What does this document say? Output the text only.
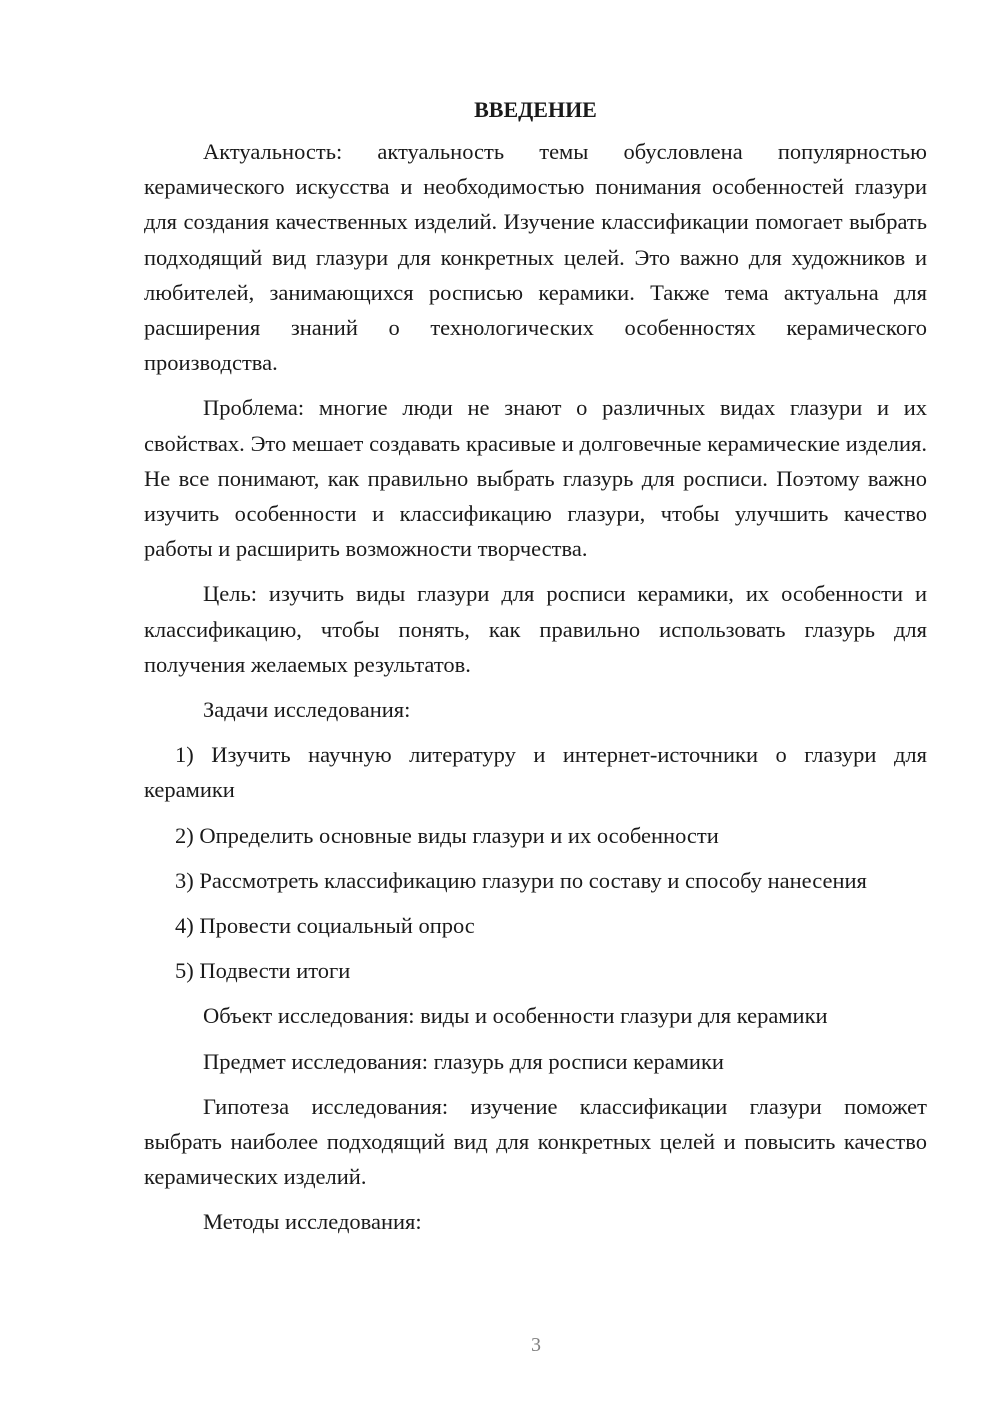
ВВЕДЕНИЕ

Актуальность: актуальность темы обусловлена популярностью керамического искусства и необходимостью понимания особенностей глазури для создания качественных изделий. Изучение классификации помогает выбрать подходящий вид глазури для конкретных целей. Это важно для художников и любителей, занимающихся росписью керамики. Также тема актуальна для расширения знаний о технологических особенностях керамического производства.

Проблема: многие люди не знают о различных видах глазури и их свойствах. Это мешает создавать красивые и долговечные керамические изделия. Не все понимают, как правильно выбрать глазурь для росписи. Поэтому важно изучить особенности и классификацию глазури, чтобы улучшить качество работы и расширить возможности творчества.

Цель: изучить виды глазури для росписи керамики, их особенности и классификацию, чтобы понять, как правильно использовать глазурь для получения желаемых результатов.

Задачи исследования:

1) Изучить научную литературу и интернет-источники о глазури для керамики

2) Определить основные виды глазури и их особенности

3) Рассмотреть классификацию глазури по составу и способу нанесения

4) Провести социальный опрос

5) Подвести итоги

Объект исследования: виды и особенности глазури для керамики

Предмет исследования: глазурь для росписи керамики

Гипотеза исследования: изучение классификации глазури поможет выбрать наиболее подходящий вид для конкретных целей и повысить качество керамических изделий.

Методы исследования:

3
